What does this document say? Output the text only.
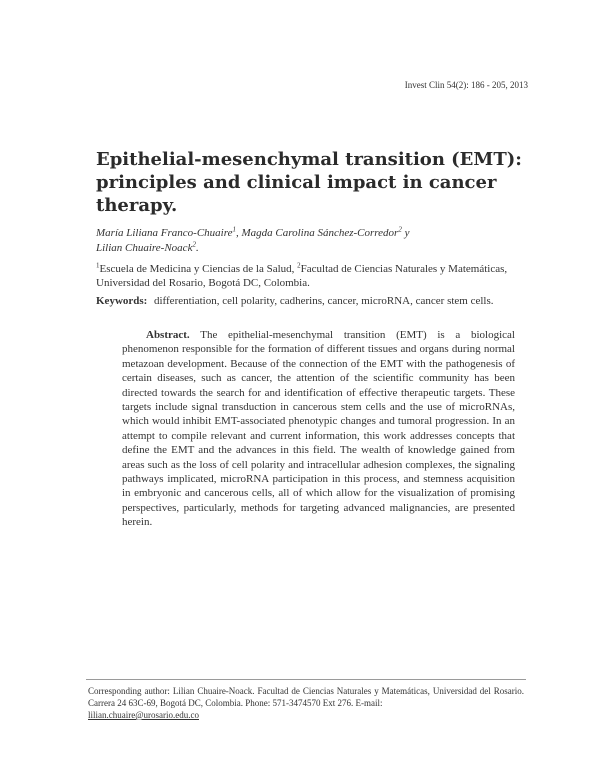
Invest Clin 54(2): 186 - 205, 2013
Epithelial-mesenchymal transition (EMT): principles and clinical impact in cancer therapy.
María Liliana Franco-Chuaire$^1$, Magda Carolina Sánchez-Corredor$^2$ y
Lilian Chuaire-Noack$^2$.
$^1$Escuela de Medicina y Ciencias de la Salud, $^2$Facultad de Ciencias Naturales y Matemáticas, Universidad del Rosario, Bogotá DC, Colombia.
Keywords: differentiation, cell polarity, cadherins, cancer, microRNA, cancer stem cells.

Abstract. The epithelial-mesenchymal transition (EMT) is a biological phenomenon responsible for the formation of different tissues and organs during normal metazoan development. Because of the connection of the EMT with the pathogenesis of certain diseases, such as cancer, the attention of the scientific community has been directed towards the search for and identification of effective therapeutic targets. These targets include signal transduction in cancerous stem cells and the use of microRNAs, which would inhibit EMT-associated phenotypic changes and tumoral progression. In an attempt to compile relevant and current information, this work addresses concepts that define the EMT and the advances in this field. The wealth of knowledge gained from areas such as the loss of cell polarity and intracellular adhesion complexes, the signaling pathways implicated, microRNA participation in this process, and stemness acquisition in embryonic and cancerous cells, all of which allow for the visualization of promising perspectives, particularly, methods for targeting advanced malignancies, are presented herein.

Corresponding author: Lilian Chuaire-Noack. Facultad de Ciencias Naturales y Matemáticas, Universidad del Rosario. Carrera 24 63C-69, Bogotá DC, Colombia. Phone: 571-3474570 Ext 276. E-mail:
lilian.chuaire@urosario.edu.co
